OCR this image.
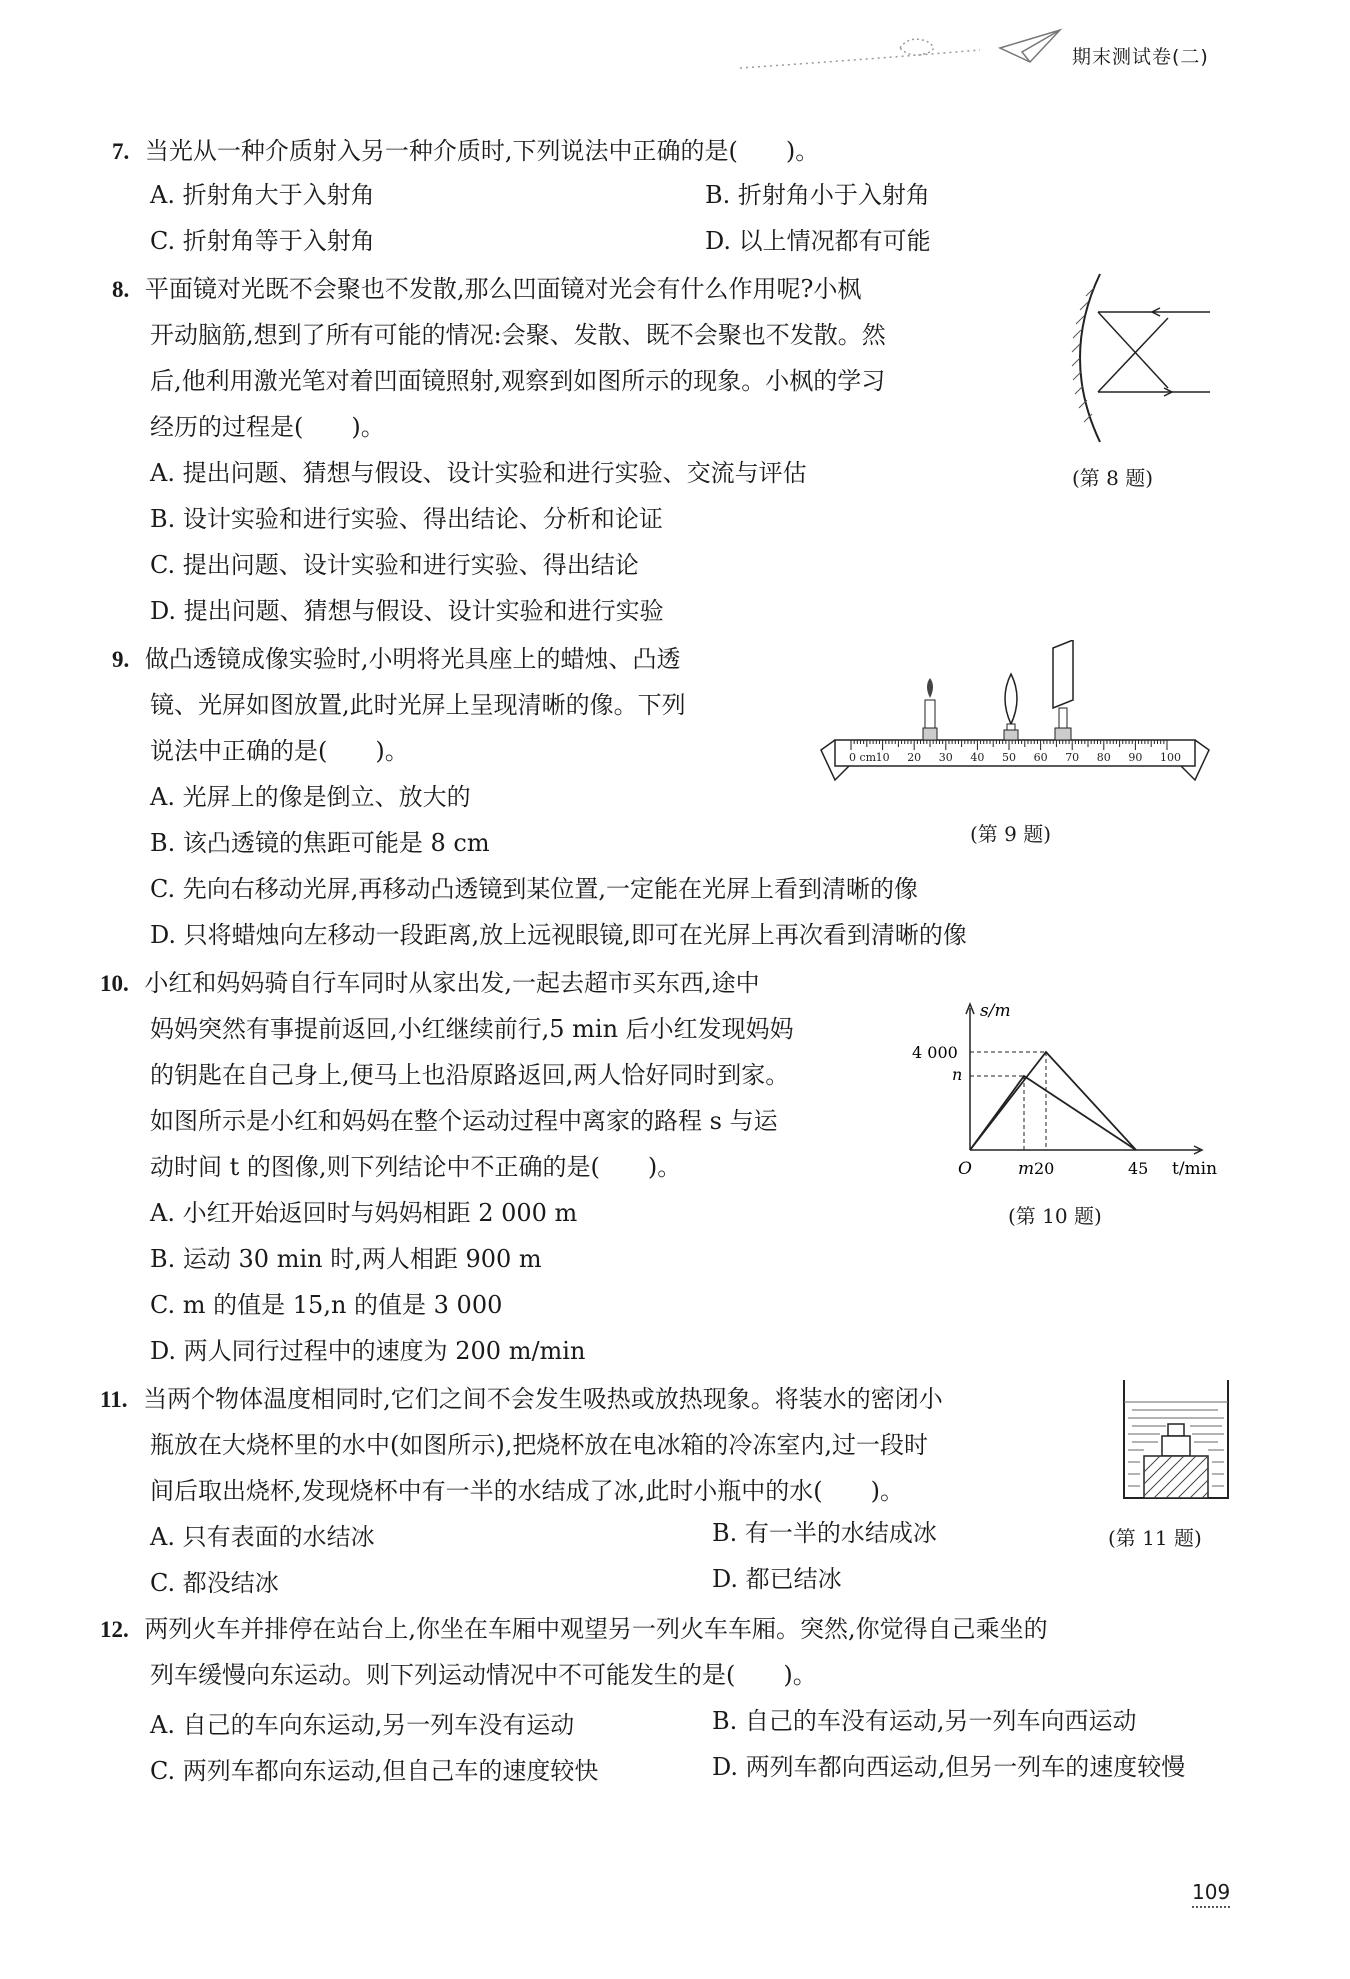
期末测试卷(二)
7. 当光从一种介质射入另一种介质时,下列说法中正确的是(　　)。
A. 折射角大于入射角	B. 折射角小于入射角
C. 折射角等于入射角	D. 以上情况都有可能
8. 平面镜对光既不会聚也不发散,那么凹面镜对光会有什么作用呢?小枫
开动脑筋,想到了所有可能的情况:会聚、发散、既不会聚也不发散。然
后,他利用激光笔对着凹面镜照射,观察到如图所示的现象。小枫的学习
经历的过程是(　　)。
A. 提出问题、猜想与假设、设计实验和进行实验、交流与评估
B. 设计实验和进行实验、得出结论、分析和论证
C. 提出问题、设计实验和进行实验、得出结论
D. 提出问题、猜想与假设、设计实验和进行实验
(第 8 题)
9. 做凸透镜成像实验时,小明将光具座上的蜡烛、凸透
镜、光屏如图放置,此时光屏上呈现清晰的像。下列
说法中正确的是(　　)。
A. 光屏上的像是倒立、放大的
B. 该凸透镜的焦距可能是 8 cm
C. 先向右移动光屏,再移动凸透镜到某位置,一定能在光屏上看到清晰的像
D. 只将蜡烛向左移动一段距离,放上远视眼镜,即可在光屏上再次看到清晰的像
0 cm 10 20 30 40 50 60 70 80 90 100
(第 9 题)
10. 小红和妈妈骑自行车同时从家出发,一起去超市买东西,途中
妈妈突然有事提前返回,小红继续前行,5 min 后小红发现妈妈
的钥匙在自己身上,便马上也沿原路返回,两人恰好同时到家。
如图所示是小红和妈妈在整个运动过程中离家的路程 s 与运
动时间 t 的图像,则下列结论中不正确的是(　　)。
A. 小红开始返回时与妈妈相距 2 000 m
B. 运动 30 min 时,两人相距 900 m
C. m 的值是 15,n 的值是 3 000
D. 两人同行过程中的速度为 200 m/min
s/m
t/min
O
4 000
n
m 20	45
(第 10 题)
11. 当两个物体温度相同时,它们之间不会发生吸热或放热现象。将装水的密闭小
瓶放在大烧杯里的水中(如图所示),把烧杯放在电冰箱的冷冻室内,过一段时
间后取出烧杯,发现烧杯中有一半的水结成了冰,此时小瓶中的水(　　)。
A. 只有表面的水结冰	B. 有一半的水结成冰
C. 都没结冰	D. 都已结冰
(第 11 题)
12. 两列火车并排停在站台上,你坐在车厢中观望另一列火车车厢。突然,你觉得自己乘坐的
列车缓慢向东运动。则下列运动情况中不可能发生的是(　　)。
A. 自己的车向东运动,另一列车没有运动	B. 自己的车没有运动,另一列车向西运动
C. 两列车都向东运动,但自己车的速度较快	D. 两列车都向西运动,但另一列车的速度较慢
109
